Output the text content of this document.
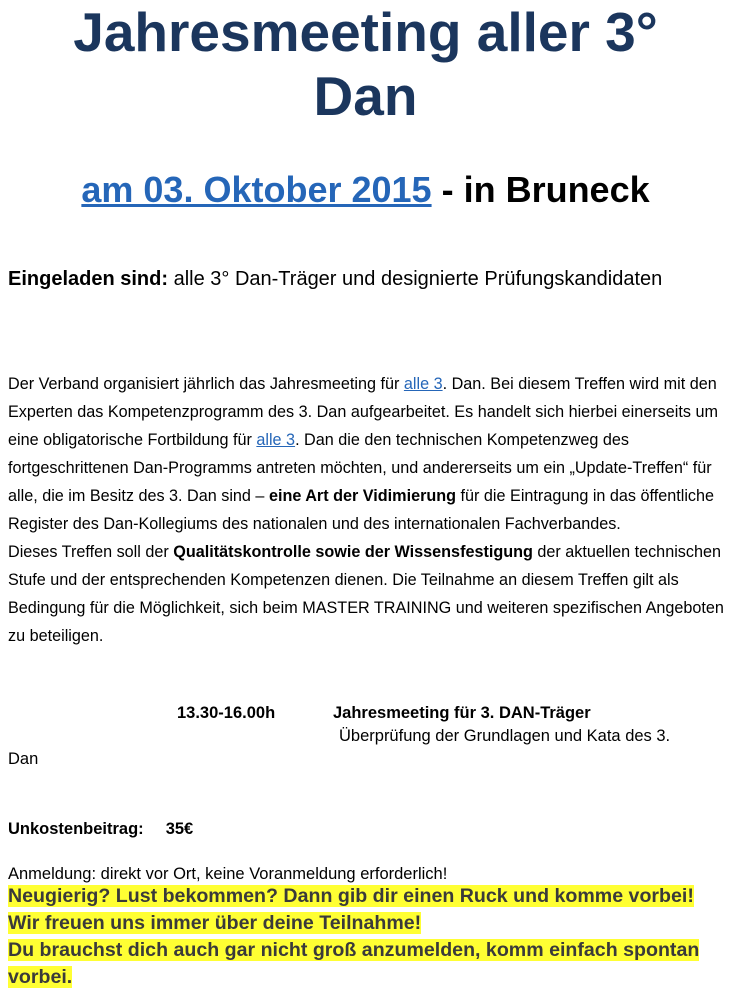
Jahresmeeting aller 3°
Dan
am 03. Oktober 2015 - in Bruneck

Eingeladen sind: alle 3° Dan-Träger und designierte Prüfungskandidaten

Der Verband organisiert jährlich das Jahresmeeting für alle 3. Dan. Bei diesem Treffen wird mit den Experten das Kompetenzprogramm des 3. Dan aufgearbeitet. Es handelt sich hierbei einerseits um eine obligatorische Fortbildung für alle 3. Dan die den technischen Kompetenzweg des fortgeschrittenen Dan-Programms antreten möchten, und andererseits um ein „Update-Treffen“ für alle, die im Besitz des 3. Dan sind – eine Art der Vidimierung für die Eintragung in das öffentliche Register des Dan-Kollegiums des nationalen und des internationalen Fachverbandes.
Dieses Treffen soll der Qualitätskontrolle sowie der Wissensfestigung der aktuellen technischen Stufe und der entsprechenden Kompetenzen dienen. Die Teilnahme an diesem Treffen gilt als Bedingung für die Möglichkeit, sich beim MASTER TRAINING und weiteren spezifischen Angeboten zu beteiligen.

13.30-16.00h	Jahresmeeting für 3. DAN-Träger
Überprüfung der Grundlagen und Kata des 3.
Dan
Unkostenbeitrag: 35€
Anmeldung: direkt vor Ort, keine Voranmeldung erforderlich!
Neugierig? Lust bekommen? Dann gib dir einen Ruck und komme vorbei! Wir freuen uns immer über deine Teilnahme!
Du brauchst dich auch gar nicht groß anzumelden, komm einfach spontan vorbei.
